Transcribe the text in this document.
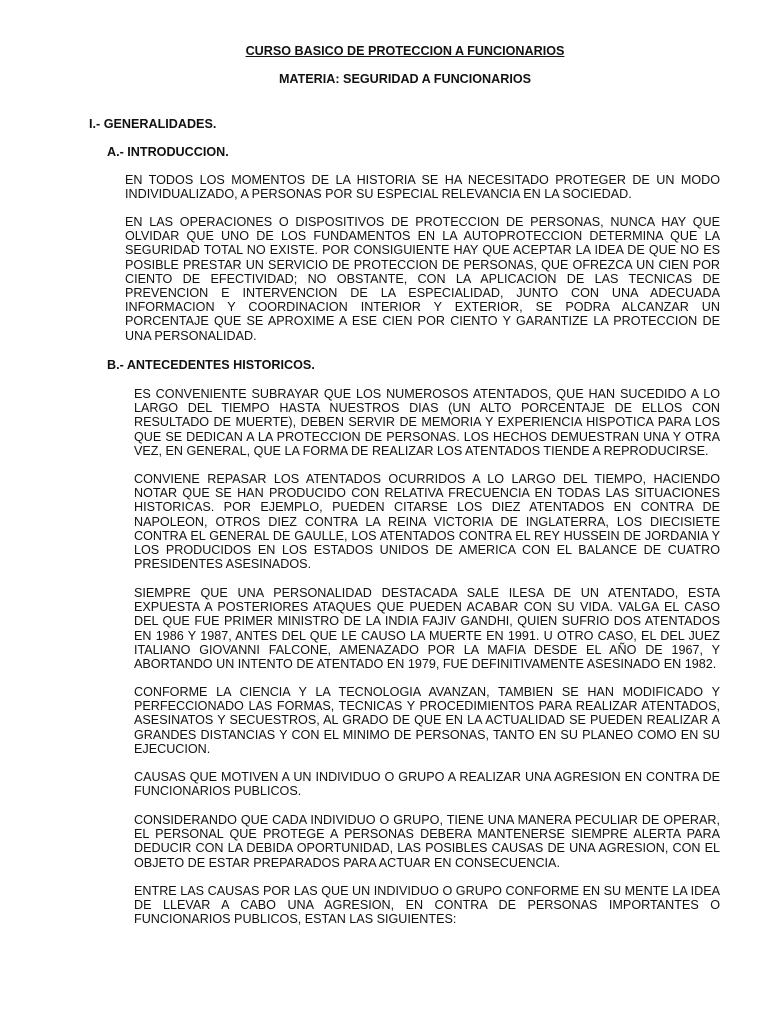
CURSO BASICO DE PROTECCION A FUNCIONARIOS
MATERIA: SEGURIDAD A FUNCIONARIOS
I.- GENERALIDADES.
A.- INTRODUCCION.

EN TODOS LOS MOMENTOS DE LA HISTORIA SE HA NECESITADO PROTEGER DE UN MODO INDIVIDUALIZADO, A PERSONAS POR SU ESPECIAL RELEVANCIA EN LA SOCIEDAD.

EN LAS OPERACIONES O DISPOSITIVOS DE PROTECCION DE PERSONAS, NUNCA HAY QUE OLVIDAR QUE UNO DE LOS FUNDAMENTOS EN LA AUTOPROTECCION DETERMINA QUE LA SEGURIDAD TOTAL NO EXISTE. POR CONSIGUIENTE HAY QUE ACEPTAR LA IDEA DE QUE NO ES POSIBLE PRESTAR UN SERVICIO DE PROTECCION DE PERSONAS, QUE OFREZCA UN CIEN POR CIENTO DE EFECTIVIDAD; NO OBSTANTE, CON LA APLICACION DE LAS TECNICAS DE PREVENCION E INTERVENCION DE LA ESPECIALIDAD, JUNTO CON UNA ADECUADA INFORMACION Y COORDINACION INTERIOR Y EXTERIOR, SE PODRA ALCANZAR UN PORCENTAJE QUE SE APROXIME A ESE CIEN POR CIENTO Y GARANTIZE LA PROTECCION DE UNA PERSONALIDAD.

B.- ANTECEDENTES HISTORICOS.

ES CONVENIENTE SUBRAYAR QUE LOS NUMEROSOS ATENTADOS, QUE HAN SUCEDIDO A LO LARGO DEL TIEMPO HASTA NUESTROS DIAS (UN ALTO PORCENTAJE DE ELLOS CON RESULTADO DE MUERTE), DEBEN SERVIR DE MEMORIA Y EXPERIENCIA HISPOTICA PARA LOS QUE SE DEDICAN A LA PROTECCION DE PERSONAS. LOS HECHOS DEMUESTRAN UNA Y OTRA VEZ, EN GENERAL, QUE LA FORMA DE REALIZAR LOS ATENTADOS TIENDE A REPRODUCIRSE.

CONVIENE REPASAR LOS ATENTADOS OCURRIDOS A LO LARGO DEL TIEMPO, HACIENDO NOTAR QUE SE HAN PRODUCIDO CON RELATIVA FRECUENCIA EN TODAS LAS SITUACIONES HISTORICAS. POR EJEMPLO, PUEDEN CITARSE LOS DIEZ ATENTADOS EN CONTRA DE NAPOLEON, OTROS DIEZ CONTRA LA REINA VICTORIA DE INGLATERRA, LOS DIECISIETE CONTRA EL GENERAL DE GAULLE, LOS ATENTADOS CONTRA EL REY HUSSEIN DE JORDANIA Y LOS PRODUCIDOS EN LOS ESTADOS UNIDOS DE AMERICA CON EL BALANCE DE CUATRO PRESIDENTES ASESINADOS.

SIEMPRE QUE UNA PERSONALIDAD DESTACADA SALE ILESA DE UN ATENTADO, ESTA EXPUESTA A POSTERIORES ATAQUES QUE PUEDEN ACABAR CON SU VIDA. VALGA EL CASO DEL QUE FUE PRIMER MINISTRO DE LA INDIA FAJIV GANDHI, QUIEN SUFRIO DOS ATENTADOS EN 1986 Y 1987, ANTES DEL QUE LE CAUSO LA MUERTE EN 1991. U OTRO CASO, EL DEL JUEZ ITALIANO GIOVANNI FALCONE, AMENAZADO POR LA MAFIA DESDE EL AÑO DE 1967, Y ABORTANDO UN INTENTO DE ATENTADO EN 1979, FUE DEFINITIVAMENTE ASESINADO EN 1982.

CONFORME LA CIENCIA Y LA TECNOLOGIA AVANZAN, TAMBIEN SE HAN MODIFICADO Y PERFECCIONADO LAS FORMAS, TECNICAS Y PROCEDIMIENTOS PARA REALIZAR ATENTADOS, ASESINATOS Y SECUESTROS, AL GRADO DE QUE EN LA ACTUALIDAD SE PUEDEN REALIZAR A GRANDES DISTANCIAS Y CON EL MINIMO DE PERSONAS, TANTO EN SU PLANEO COMO EN SU EJECUCION.

CAUSAS QUE MOTIVEN A UN INDIVIDUO O GRUPO A REALIZAR UNA AGRESION EN CONTRA DE FUNCIONARIOS PUBLICOS.

CONSIDERANDO QUE CADA INDIVIDUO O GRUPO, TIENE UNA MANERA PECULIAR DE OPERAR, EL PERSONAL QUE PROTEGE A PERSONAS DEBERA MANTENERSE SIEMPRE ALERTA PARA DEDUCIR CON LA DEBIDA OPORTUNIDAD, LAS POSIBLES CAUSAS DE UNA AGRESION, CON EL OBJETO DE ESTAR PREPARADOS PARA ACTUAR EN CONSECUENCIA.

ENTRE LAS CAUSAS POR LAS QUE UN INDIVIDUO O GRUPO CONFORME EN SU MENTE LA IDEA DE LLEVAR A CABO UNA AGRESION, EN CONTRA DE PERSONAS IMPORTANTES O FUNCIONARIOS PUBLICOS, ESTAN LAS SIGUIENTES:
